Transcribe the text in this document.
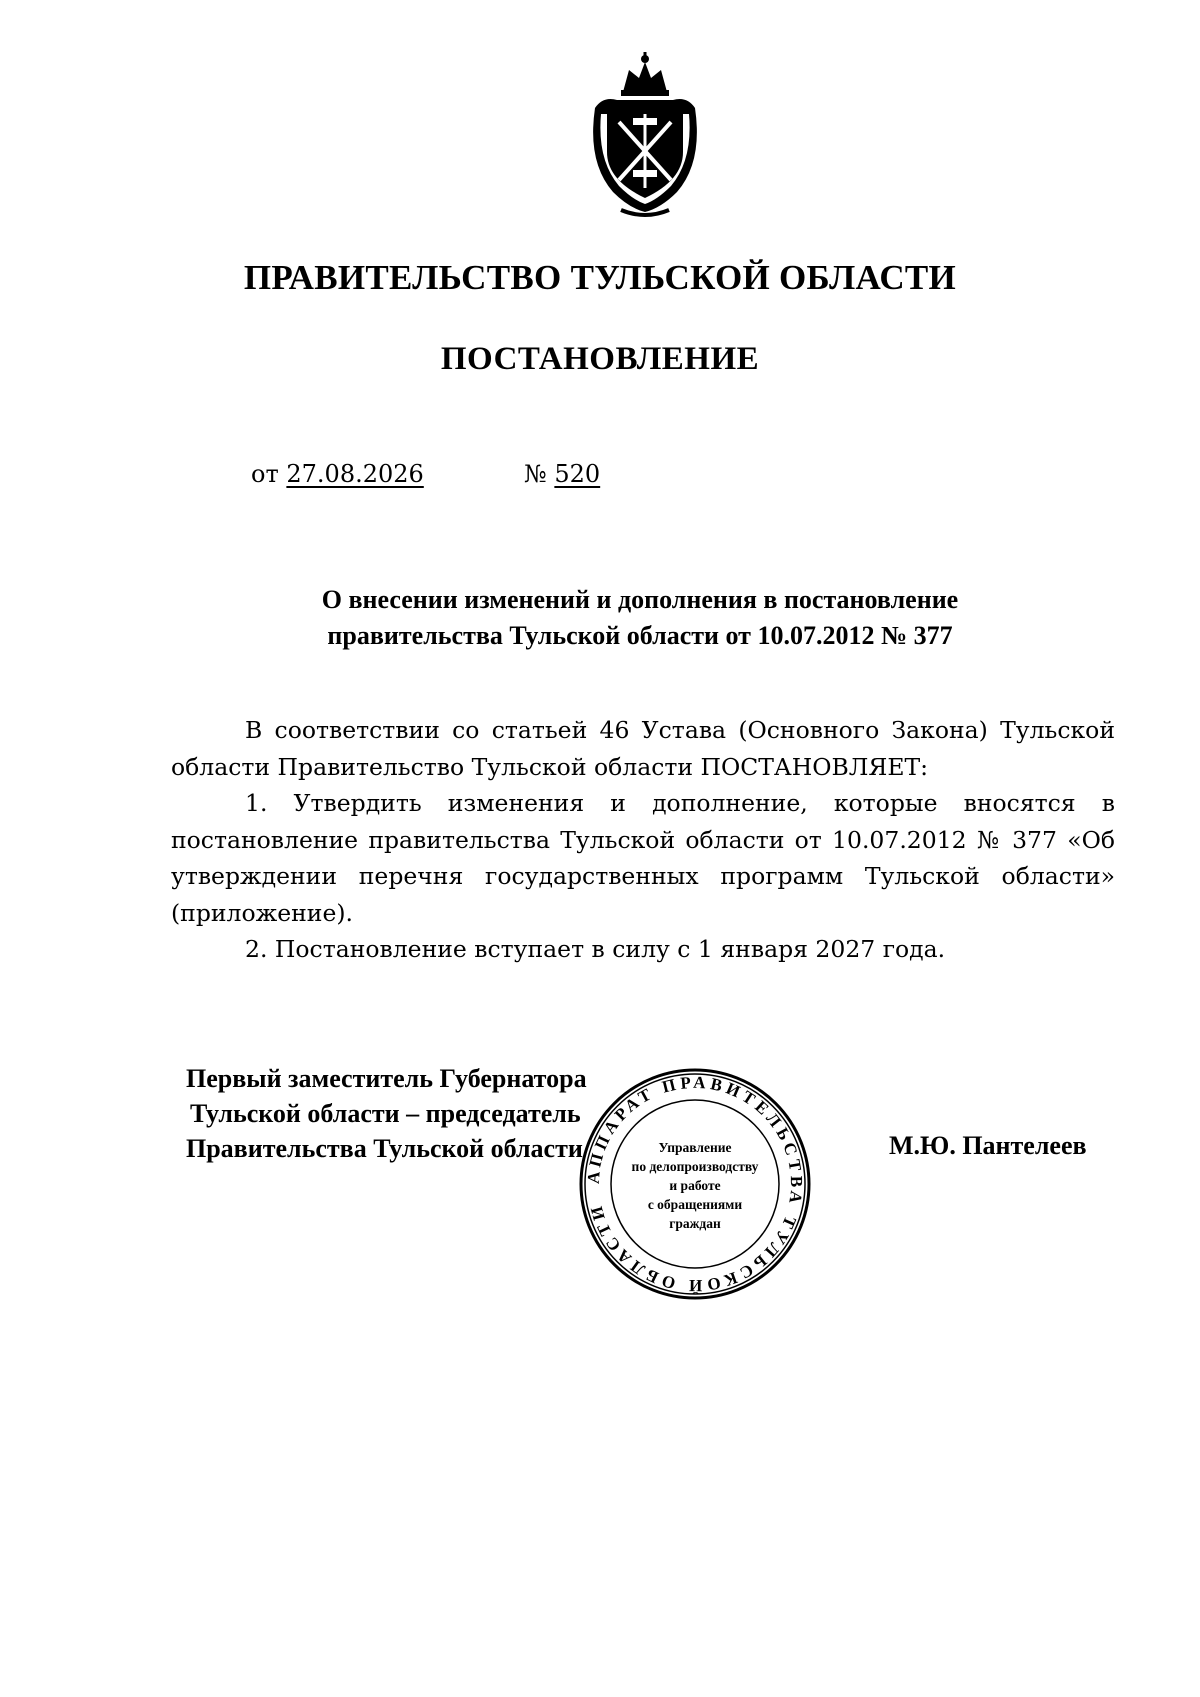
ПРАВИТЕЛЬСТВО ТУЛЬСКОЙ ОБЛАСТИ
ПОСТАНОВЛЕНИЕ
от 27.08.2026	№ 520
О внесении изменений и дополнения в постановление
правительства Тульской области от 10.07.2012 № 377

В соответствии со статьей 46 Устава (Основного Закона) Тульской области Правительство Тульской области ПОСТАНОВЛЯЕТ:

1. Утвердить изменения и дополнение, которые вносятся в постановление правительства Тульской области от 10.07.2012 № 377 «Об утверждении перечня государственных программ Тульской области» (приложение).

2. Постановление вступает в силу с 1 января 2027 года.

Первый заместитель Губернатора
Тульской области – председатель
Правительства Тульской области
АППАРАТ ПРАВИТЕЛЬСТВА ТУЛЬСКОЙ ОБЛАСТИ
Управление
по делопроизводству
и работе
с обращениями
граждан
М.Ю. Пантелеев
